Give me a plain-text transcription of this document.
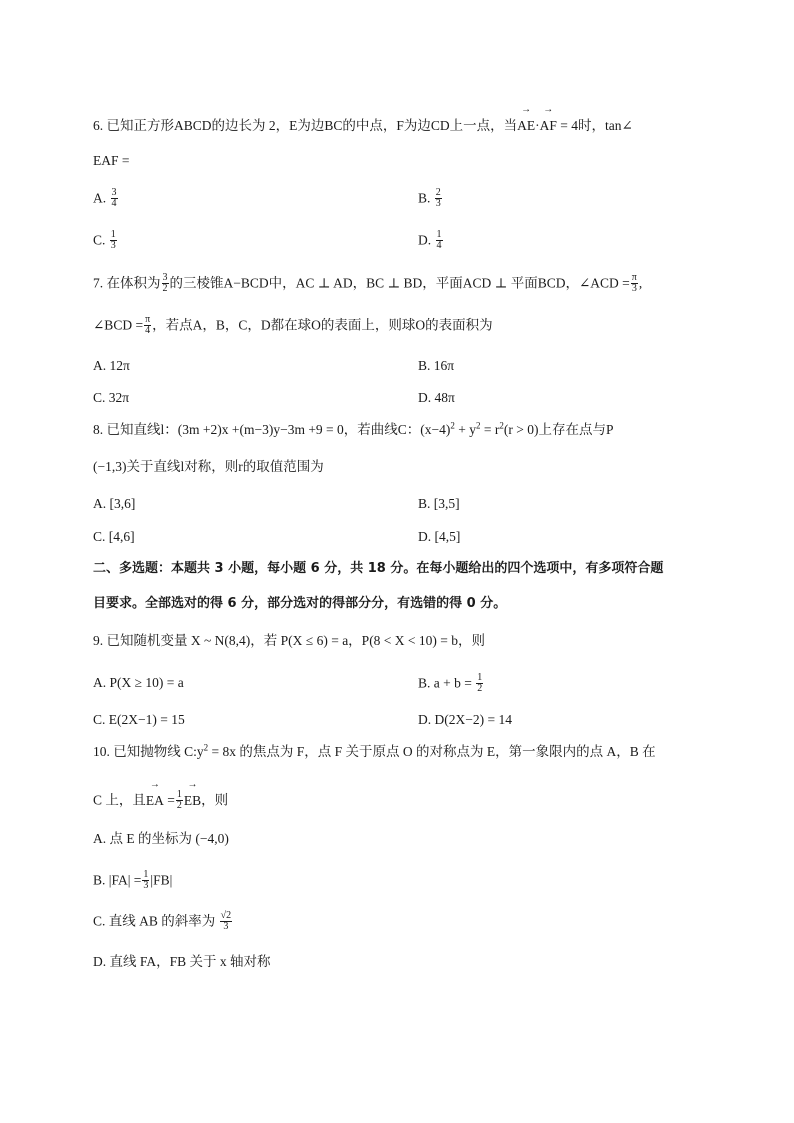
6. 已知正方形ABCD的边长为 2，E为边BC的中点，F为边CD上一点，当→ AE·→ AF = 4时，tan∠
EAF =
A. $\frac{3}{4}$	B. $\frac{2}{3}$
C. $\frac{1}{3}$	D. $\frac{1}{4}$
7. 在体积为 $\frac{3}{2}$ 的三棱锥A−BCD中，AC ⊥ AD，BC ⊥ BD，平面ACD ⊥ 平面BCD，∠ACD = $\frac{\pi}{3}$ ,
∠BCD = $\frac{\pi}{4}$ ，若点A，B，C，D都在球O的表面上，则球O的表面积为
A. 12π	B. 16π
C. 32π	D. 48π
8. 已知直线l：(3m +2)x +(m−3)y−3m +9 = 0，若曲线C：$(x-4)^2 + y^2 = r^2(r > 0)$上存在点与P
(−1,3)关于直线l对称，则r的取值范围为
A. [3,6]	B. [3,5]
C. [4,6]	D. [4,5]
二、多选题：本题共 3 小题，每小题 6 分，共 18 分。在每小题给出的四个选项中，有多项符合题
目要求。全部选对的得 6 分，部分选对的得部分分，有选错的得 0 分。
9. 已知随机变量 X ~ N(8,4)，若 P(X ≤ 6) = a，P(8 < X < 10) = b，则
A. P(X ≥ 10) = a	B. $a + b = \frac{1}{2}$
C. E(2X−1) = 15	D. D(2X−2) = 14
10. 已知抛物线 $C:y^2 = 8x$ 的焦点为 F，点 F 关于原点 O 的对称点为 E，第一象限内的点 A，B 在
C 上，且→ EA = $\frac{1}{2}$
→ EB，则
A. 点 E 的坐标为 (−4,0)
B. $|FA| = \frac{1}{3} |FB|$
C. 直线 AB 的斜率为 $\frac{√2}{3}$
D. 直线 FA，FB 关于 x 轴对称
